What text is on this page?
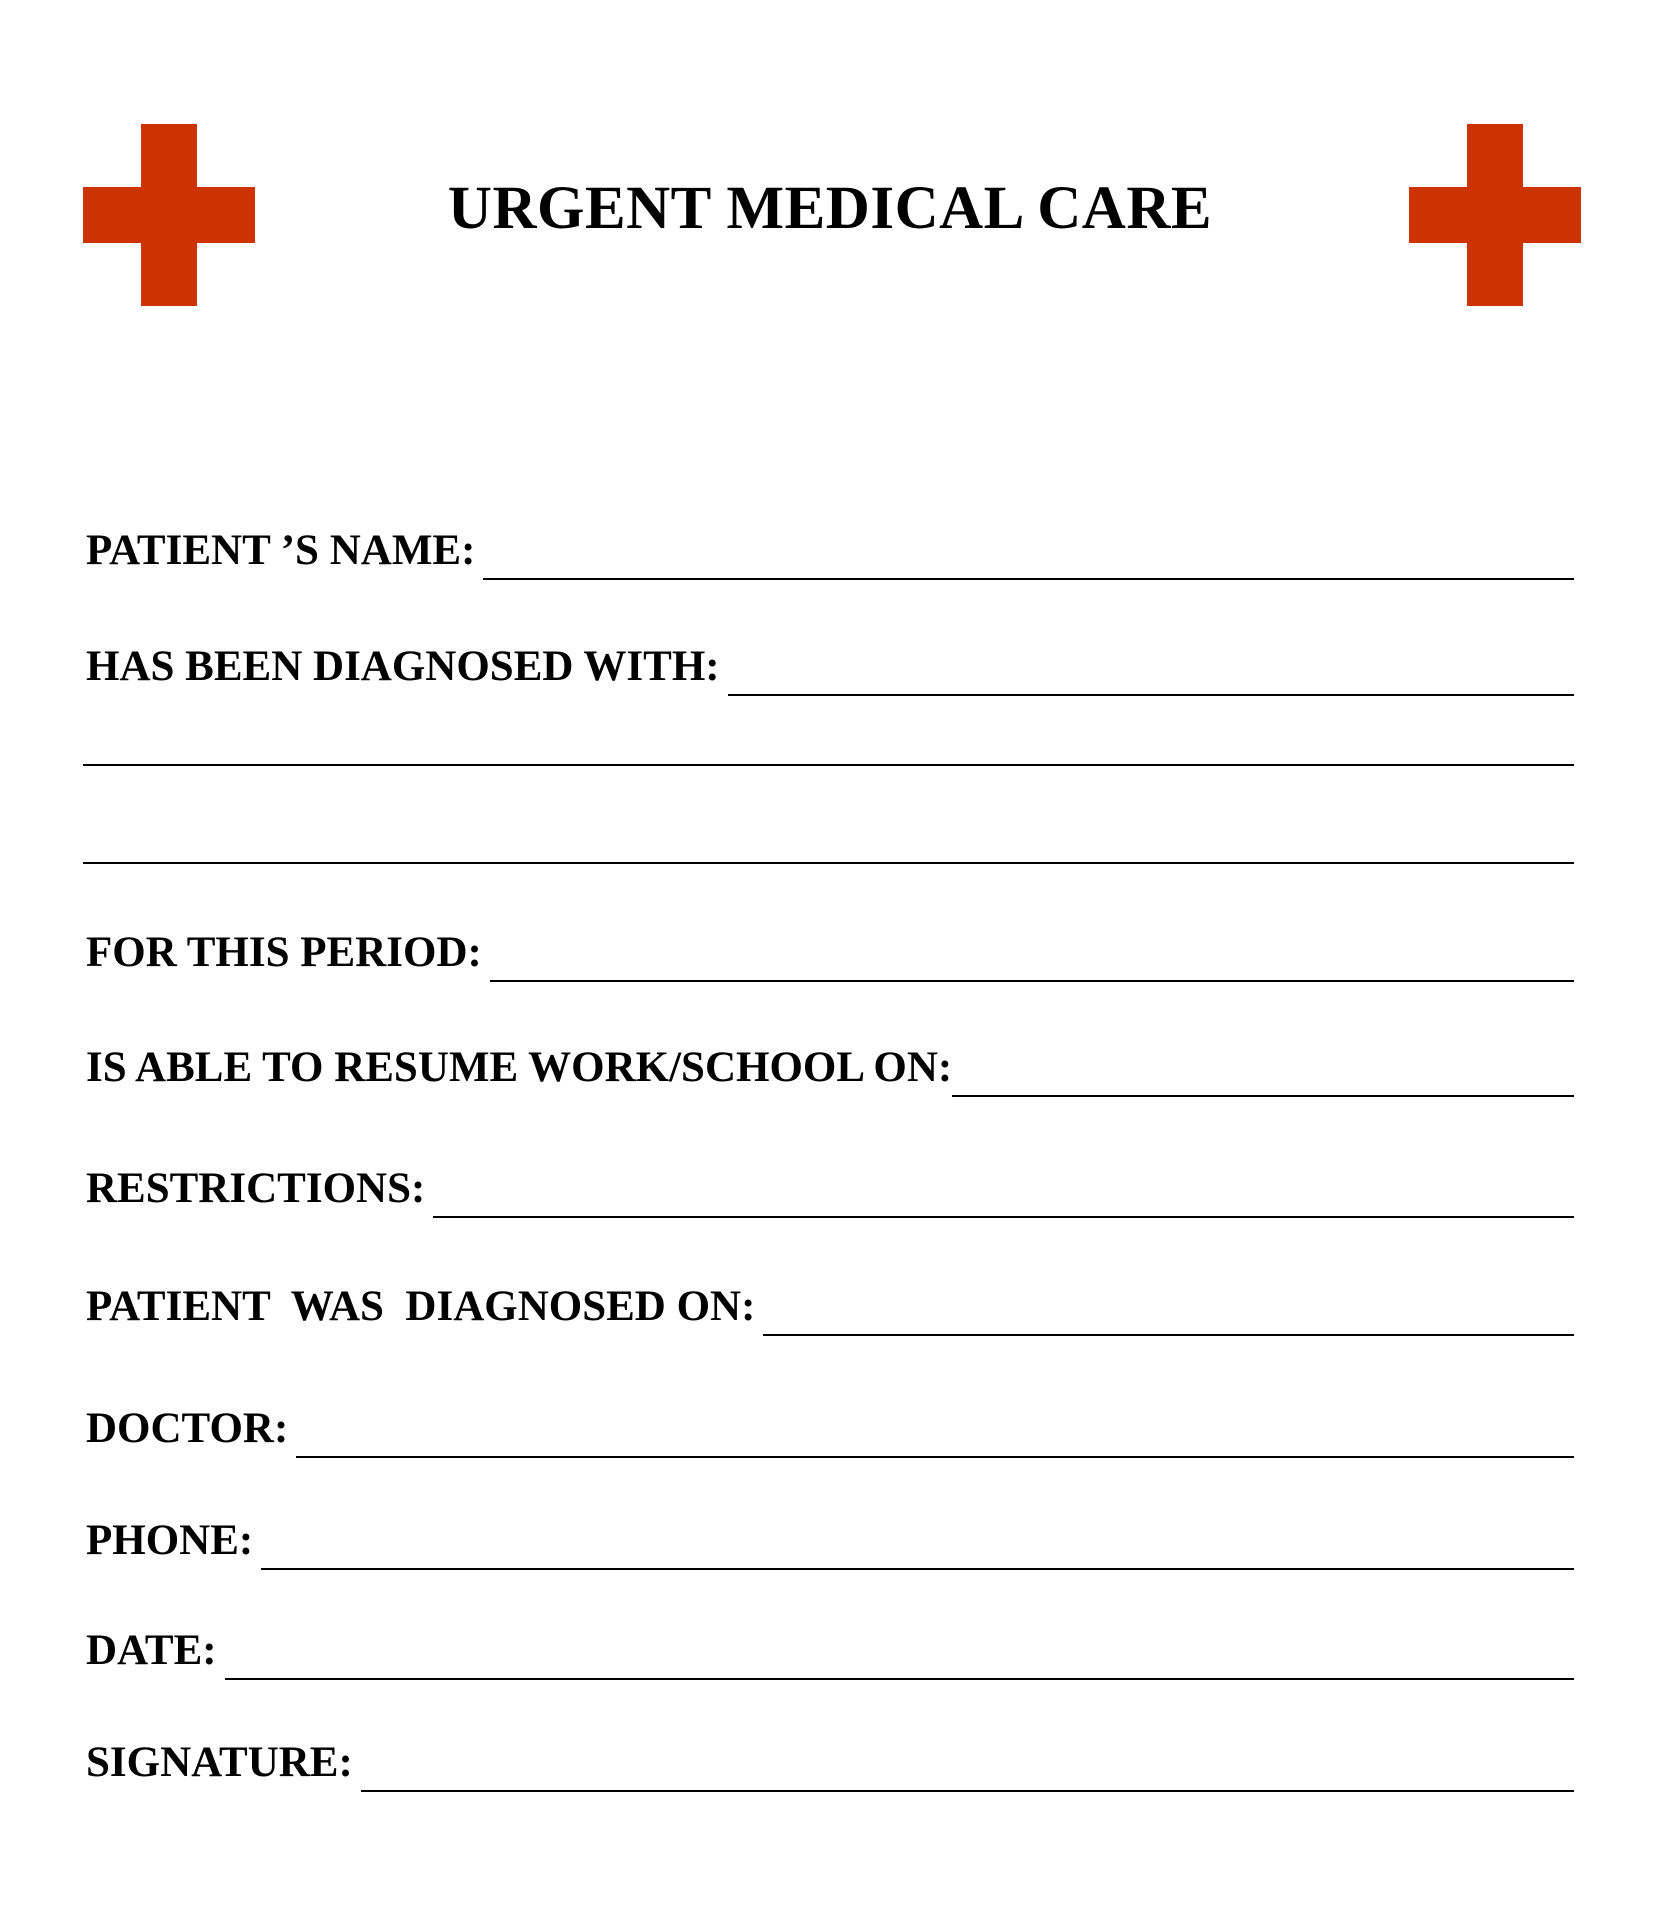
URGENT MEDICAL CARE
PATIENT ’S NAME:
HAS BEEN DIAGNOSED WITH:
FOR THIS PERIOD:
IS ABLE TO RESUME WORK/SCHOOL ON:
RESTRICTIONS:
PATIENT  WAS  DIAGNOSED ON:
DOCTOR:
PHONE:
DATE:
SIGNATURE:
